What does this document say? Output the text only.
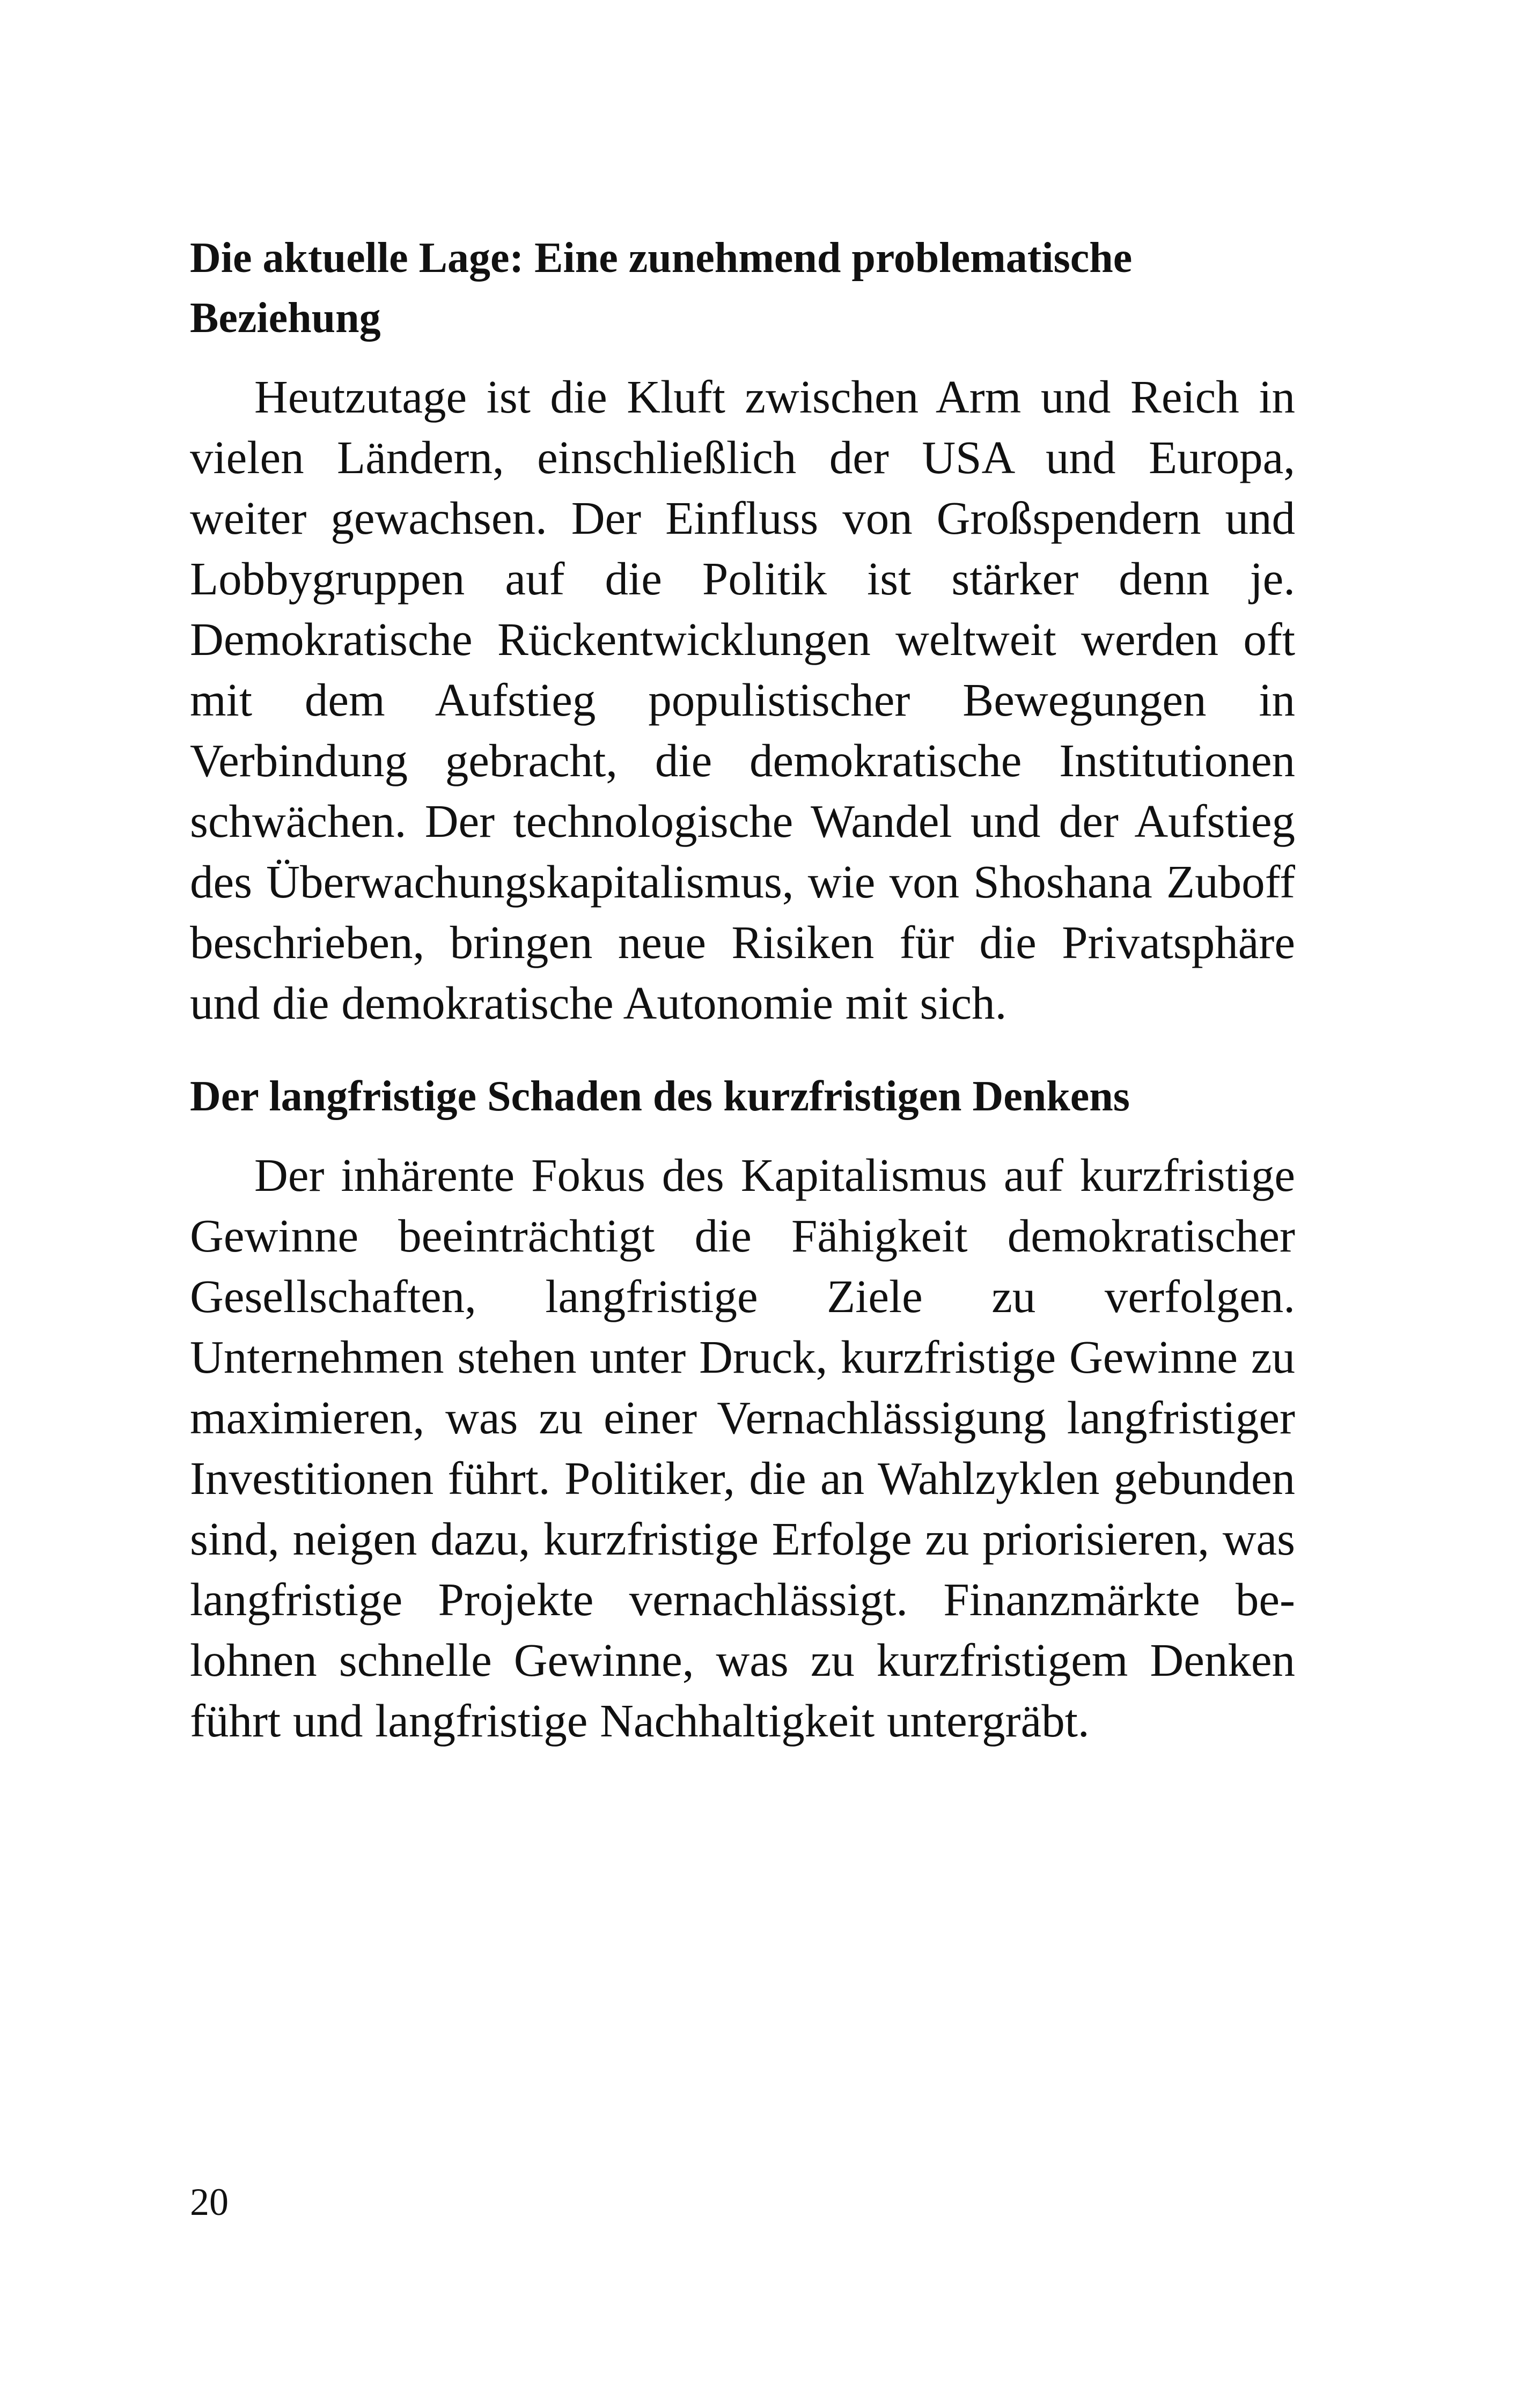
Die aktuelle Lage: Eine zunehmend problematische Beziehung

Heutzutage ist die Kluft zwischen Arm und Reich in vielen Ländern, einschließlich der USA und Europa, weiter gewachsen. Der Einfluss von Großspendern und Lobbygruppen auf die Politik ist stärker denn je. Demokratische Rückentwicklungen weltweit werden oft mit dem Aufstieg populistischer Bewegungen in Verbindung gebracht, die demokratische Institutionen schwächen. Der technologische Wandel und der Aufstieg des Überwachungskapitalismus, wie von Shoshana Zuboff beschrieben, bringen neue Risiken für die Privatsphäre und die demokratische Autonomie mit sich.

Der langfristige Schaden des kurzfristigen Denkens

Der inhärente Fokus des Kapitalismus auf kurzfristige Gewinne beeinträchtigt die Fähigkeit demokratischer Gesellschaften, langfristige Ziele zu verfolgen. Unternehmen stehen unter Druck, kurzfristige Gewinne zu maximieren, was zu einer Vernachlässigung langfristiger Investitionen führt. Politiker, die an Wahlzyklen gebunden sind, neigen dazu, kurzfristige Erfolge zu priorisieren, was langfristige Projekte vernachlässigt. Finanzmärkte belohnen schnelle Gewinne, was zu kurzfristigem Denken führt und langfristige Nachhaltigkeit untergräbt.

20
